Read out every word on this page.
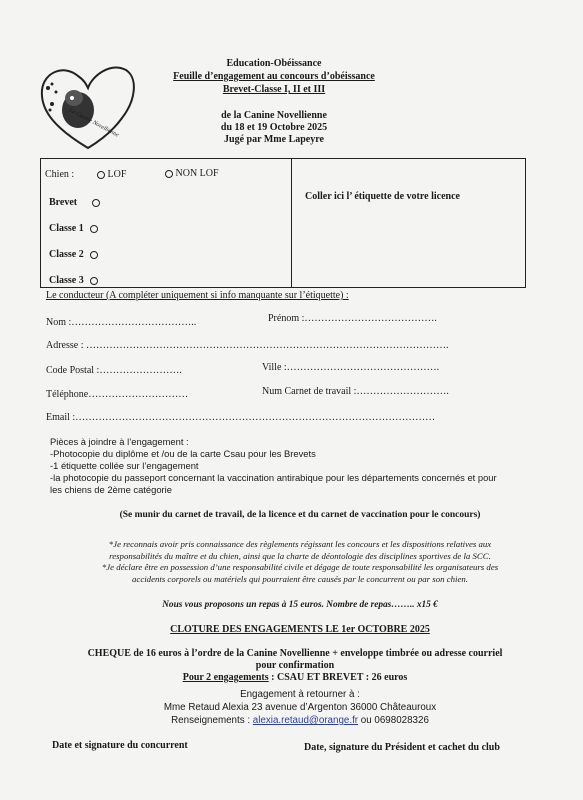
La Canine Novellienne
Education-Obéissance
Feuille d’engagement au concours d’obéissance
Brevet-Classe I, II et III
de la Canine Novellienne
du 18 et 19 Octobre 2025
Jugé par Mme Lapeyre
Chien :	LOF	NON LOF
Brevet
Classe 1
Classe 2
Classe 3
Coller ici l’ étiquette de votre licence
Le conducteur (A compléter uniquement si info manquante sur l’étiquette) :
Nom :………………………………..	Prénom :………………………………….
Adresse : ……………………………………………………………………………………………….
Code Postal :…………………….	Ville :……………………………………….
Téléphone…………………………	Num Carnet de travail :……………………….
Email :………………………………………………………………………………………………
Pièces à joindre à l’engagement :
-Photocopie du diplôme et /ou de la carte Csau pour les Brevets
-1 étiquette collée sur l’engagement
-la photocopie du passeport concernant la vaccination antirabique pour les départements concernés et pour
les chiens de 2ème catégorie
(Se munir du carnet de travail, de la licence et du carnet de vaccination pour le concours)
*Je reconnais avoir pris connaissance des règlements régissant les concours et les dispositions relatives aux
responsabilités du maître et du chien, ainsi que la charte de déontologie des disciplines sportives de la SCC.
*Je déclare être en possession d’une responsabilité civile et dégage de toute responsabilité les organisateurs des
accidents corporels ou matériels qui pourraient être causés par le concurrent ou par son chien.
Nous vous proposons un repas à 15 euros. Nombre de repas…….. x15 €
CLOTURE DES ENGAGEMENTS LE 1er OCTOBRE 2025
CHEQUE de 16 euros à l’ordre de la Canine Novellienne + enveloppe timbrée ou adresse courriel
pour confirmation
Pour 2 engagements : CSAU ET BREVET : 26 euros
Engagement à retourner à :
Mme Retaud Alexia 23 avenue d’Argenton 36000 Châteauroux
Renseignements : alexia.retaud@orange.fr ou 0698028326
Date et signature du concurrent	Date, signature du Président et cachet du club
